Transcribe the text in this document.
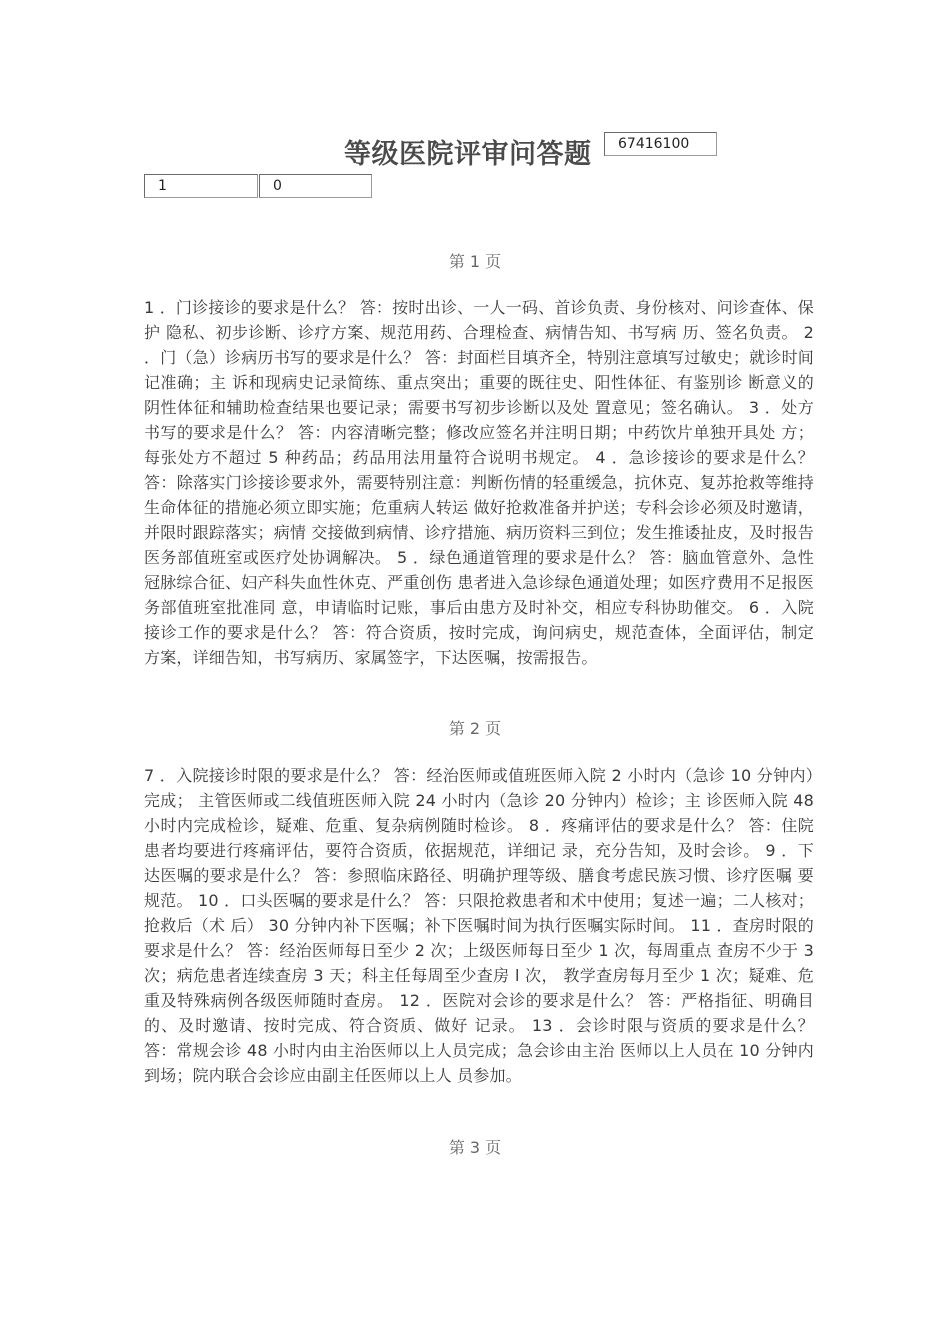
等级医院评审问答题	67416100
1	0
第 1 页
1 ．门诊接诊的要求是什么？ 答：按时出诊、一人一码、首诊负责、身份核对、问诊查体、保护 隐私、初步诊断、诊疗方案、规范用药、合理检查、病情告知、书写病 历、签名负责。 2 ．门（急）诊病历书写的要求是什么？ 答：封面栏目填齐全，特别注意填写过敏史；就诊时间记准确；主 诉和现病史记录简练、重点突出；重要的既往史、阳性体征、有鉴别诊 断意义的阴性体征和辅助检查结果也要记录；需要书写初步诊断以及处 置意见；签名确认。 3 ．处方书写的要求是什么？ 答：内容清晰完整；修改应签名并注明日期；中药饮片单独开具处 方；每张处方不超过 5 种药品；药品用法用量符合说明书规定。 4 ．急诊接诊的要求是什么？ 答：除落实门诊接诊要求外，需要特别注意：判断伤情的轻重缓急，抗休克、复苏抢救等维持生命体征的措施必须立即实施；危重病人转运 做好抢救准备并护送；专科会诊必须及时邀请，并限时跟踪落实；病情 交接做到病情、诊疗措施、病历资料三到位；发生推诿扯皮，及时报告 医务部值班室或医疗处协调解决。 5 ．绿色通道管理的要求是什么？ 答：脑血管意外、急性冠脉综合征、妇产科失血性休克、严重创伤 患者进入急诊绿色通道处理；如医疗费用不足报医务部值班室批准同 意，申请临时记账，事后由患方及时补交，相应专科协助催交。 6 ．入院接诊工作的要求是什么？ 答：符合资质，按时完成，询问病史，规范查体，全面评估，制定 方案，详细告知，书写病历、家属签字，下达医嘱，按需报告。
第 2 页
7 ．入院接诊时限的要求是什么？ 答：经治医师或值班医师入院 2 小时内（急诊 10 分钟内）完成； 主管医师或二线值班医师入院 24 小时内（急诊 20 分钟内）检诊；主 诊医师入院 48 小时内完成检诊，疑难、危重、复杂病例随时检诊。 8 ．疼痛评估的要求是什么？ 答：住院患者均要进行疼痛评估，要符合资质，依据规范，详细记 录，充分告知，及时会诊。 9 ．下达医嘱的要求是什么？ 答：参照临床路径、明确护理等级、膳食考虑民族习惯、诊疗医嘱 要规范。 10 ．口头医嘱的要求是什么？ 答：只限抢救患者和术中使用；复述一遍；二人核对；抢救后（术 后） 30 分钟内补下医嘱；补下医嘱时间为执行医嘱实际时间。 11 ．查房时限的要求是什么？ 答：经治医师每日至少 2 次；上级医师每日至少 1 次，每周重点 查房不少于 3 次；病危患者连续查房 3 天；科主任每周至少查房 l 次， 教学查房每月至少 1 次；疑难、危重及特殊病例各级医师随时查房。 12 ．医院对会诊的要求是什么？ 答：严格指征、明确目的、及时邀请、按时完成、符合资质、做好 记录。 13 ．会诊时限与资质的要求是什么？ 答：常规会诊 48 小时内由主治医师以上人员完成；急会诊由主治 医师以上人员在 10 分钟内到场；院内联合会诊应由副主任医师以上人 员参加。
第 3 页
